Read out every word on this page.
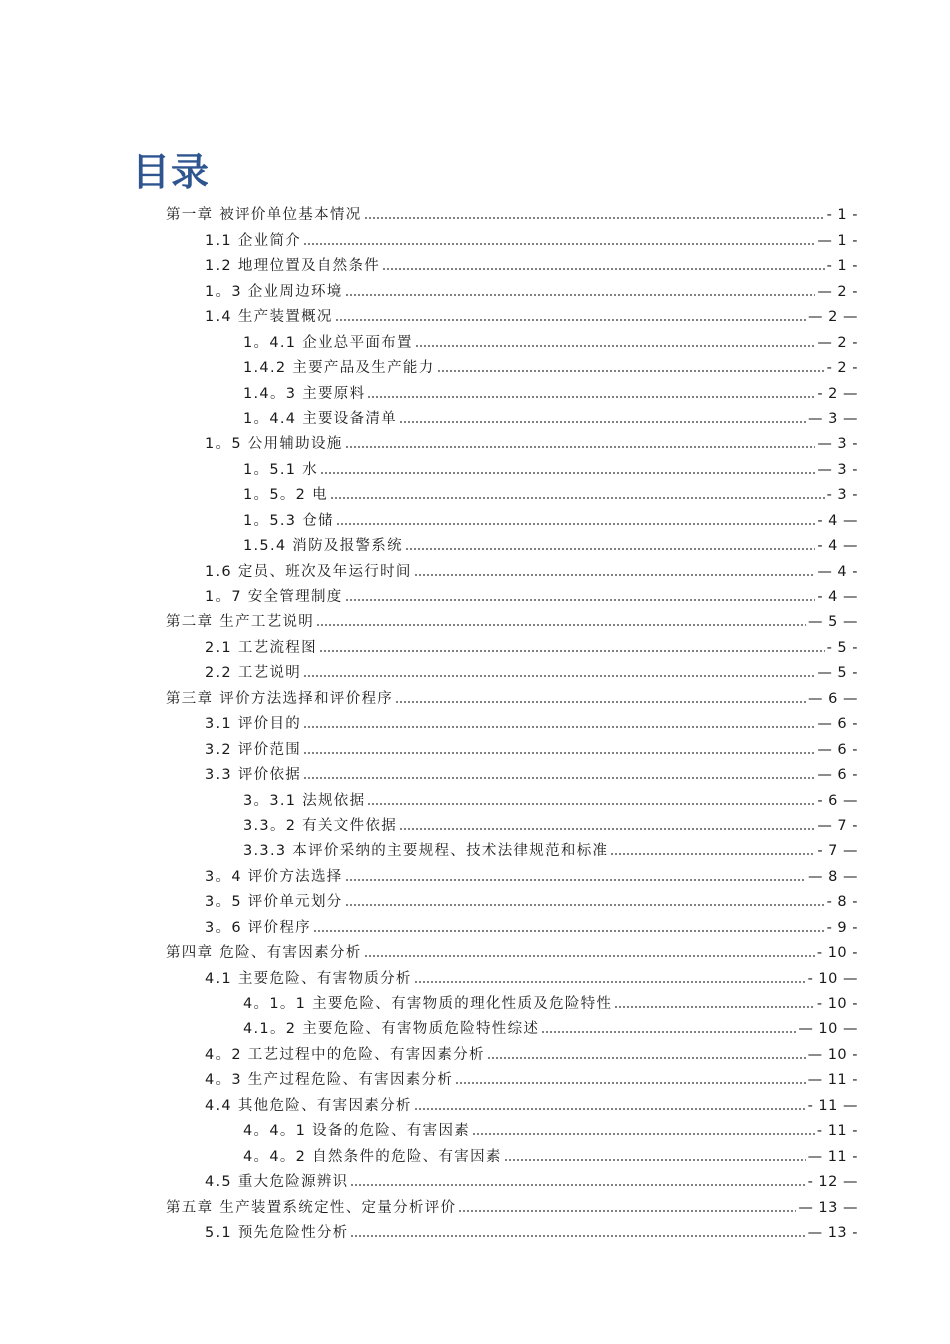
目录
第一章 被评价单位基本情况	- 1 -
1.1 企业简介	— 1 -
1.2 地理位置及自然条件	- 1 -
1。3 企业周边环境	— 2 -
1.4 生产装置概况	— 2 —
1。4.1 企业总平面布置	— 2 -
1.4.2 主要产品及生产能力	- 2 -
1.4。3 主要原料	- 2 —
1。4.4 主要设备清单	— 3 —
1。5 公用辅助设施	— 3 -
1。5.1 水	— 3 -
1。5。2 电	- 3 -
1。5.3 仓储	- 4 —
1.5.4 消防及报警系统	- 4 —
1.6 定员、班次及年运行时间	— 4 -
1。7 安全管理制度	- 4 —
第二章 生产工艺说明	— 5 —
2.1 工艺流程图	- 5 -
2.2 工艺说明	— 5 -
第三章 评价方法选择和评价程序	— 6 —
3.1 评价目的	— 6 -
3.2 评价范围	— 6 -
3.3 评价依据	— 6 -
3。3.1 法规依据	- 6 —
3.3。2 有关文件依据	— 7 -
3.3.3 本评价采纳的主要规程、技术法律规范和标准	- 7 —
3。4 评价方法选择	— 8 —
3。5 评价单元划分	- 8 -
3。6 评价程序	- 9 -
第四章 危险、有害因素分析	- 10 -
4.1 主要危险、有害物质分析	- 10 —
4。1。1 主要危险、有害物质的理化性质及危险特性	- 10 -
4.1。2 主要危险、有害物质危险特性综述	— 10 —
4。2 工艺过程中的危险、有害因素分析	— 10 -
4。3 生产过程危险、有害因素分析	— 11 -
4.4 其他危险、有害因素分析	- 11 —
4。4。1 设备的危险、有害因素	- 11 -
4。4。2 自然条件的危险、有害因素	— 11 -
4.5 重大危险源辨识	- 12 —
第五章 生产装置系统定性、定量分析评价	— 13 —
5.1 预先危险性分析	— 13 -
